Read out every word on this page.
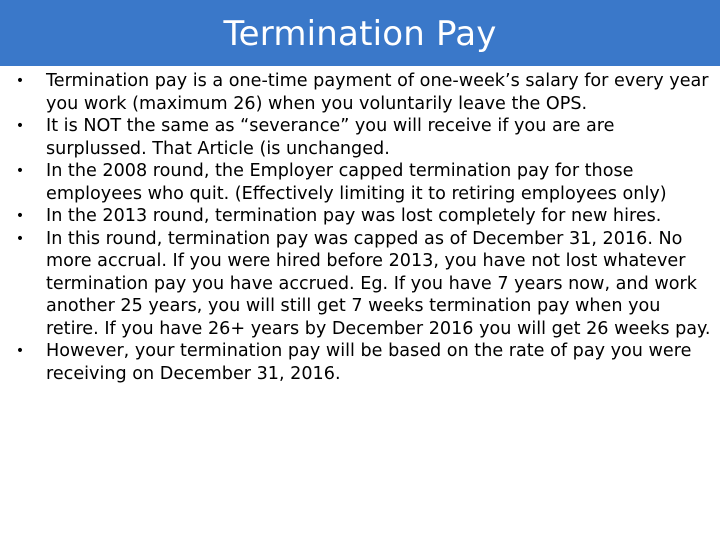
Termination Pay
•	Termination pay is a one-time payment of one-week’s salary for every year you work (maximum 26) when you voluntarily leave the OPS.
•	It is NOT the same as “severance” you will receive if you are are surplussed. That Article (is unchanged.
•	In the 2008 round, the Employer capped termination pay for those employees who quit. (Effectively limiting it to retiring employees only)
•	In the 2013 round, termination pay was lost completely for new hires.
•	In this round, termination pay was capped as of December 31, 2016. No more accrual. If you were hired before 2013, you have not lost whatever termination pay you have accrued. Eg. If you have 7 years now, and work another 25 years, you will still get 7 weeks termination pay when you retire. If you have 26+ years by December 2016 you will get 26 weeks pay.
•	However, your termination pay will be based on the rate of pay you were receiving on December 31, 2016.
